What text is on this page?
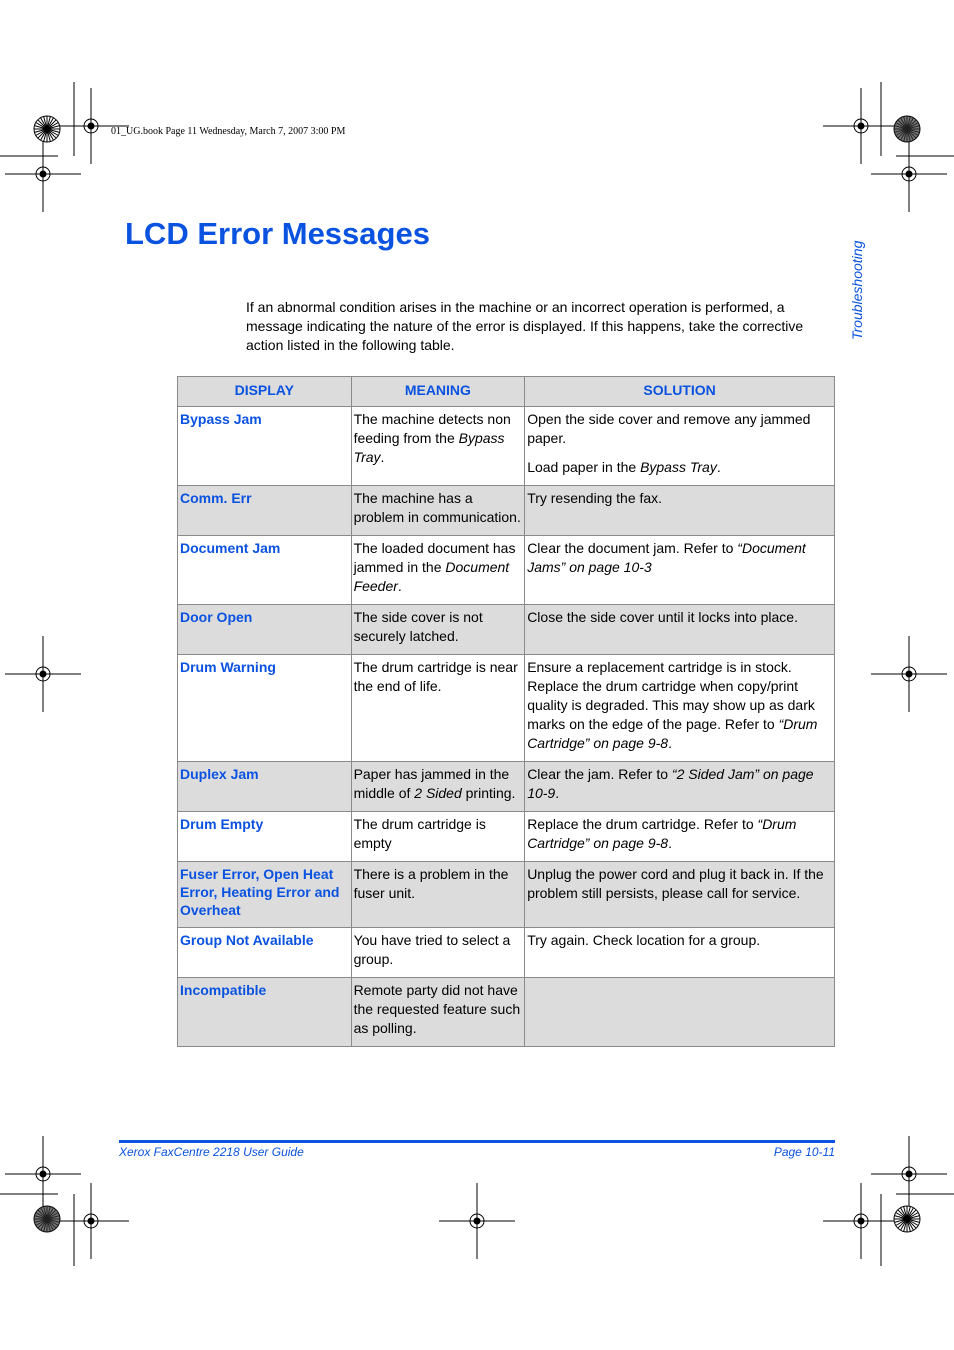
01_UG.book Page 11 Wednesday, March 7, 2007 3:00 PM
Troubleshooting
LCD Error Messages

If an abnormal condition arises in the machine or an incorrect operation is performed, a message indicating the nature of the error is displayed. If this happens, take the corrective action listed in the following table.

DISPLAY	MEANING	SOLUTION
Bypass Jam	The machine detects non feeding from the Bypass Tray.	Open the side cover and remove any jammed paper.

Load paper in the Bypass Tray.

Comm. Err	The machine has a problem in communication.	Try resending the fax.

Document Jam	The loaded document has jammed in the Document Feeder.	Clear the document jam. Refer to “Document Jams” on page 10-3

Door Open	The side cover is not securely latched.	Close the side cover until it locks into place.

Drum Warning	The drum cartridge is near the end of life.	Ensure a replacement cartridge is in stock. Replace the drum cartridge when copy/print quality is degraded. This may show up as dark marks on the edge of the page. Refer to “Drum Cartridge” on page 9-8.

Duplex Jam	Paper has jammed in the middle of 2 Sided printing.	Clear the jam. Refer to “2 Sided Jam” on page 10-9.

Drum Empty	The drum cartridge is empty	Replace the drum cartridge. Refer to “Drum Cartridge” on page 9-8.

Fuser Error, Open Heat Error, Heating Error and Overheat	There is a problem in the fuser unit.	Unplug the power cord and plug it back in. If the problem still persists, please call for service.

Group Not Available	You have tried to select a group.	Try again. Check location for a group.

Incompatible	Remote party did not have the requested feature such as polling.	
Xerox FaxCentre 2218 User Guide	Page 10-11
